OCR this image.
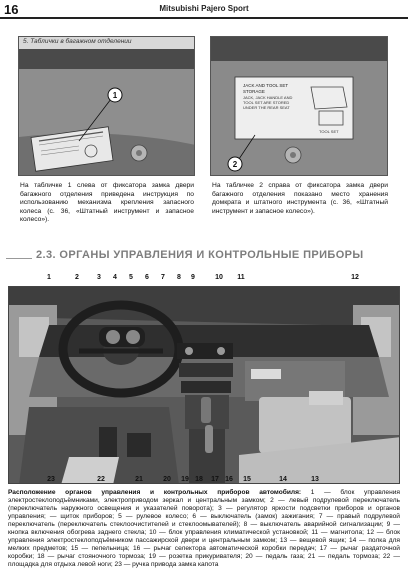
16	Mitsubishi Pajero Sport
1
5. Таблички в багажном отделении
JACK AND TOOL SET
STORAGE
JACK, JACK HANDLE AND
TOOL SET ARE STORED
UNDER THE REAR SEAT
TOOL SET
2
На табличке 1 слева от фиксатора замка двери багажного отделения приведена инструкция по использованию механизма крепления запасного колеса (с. 36, «Штатный инструмент и запасное колесо»).
На табличке 2 справа от фиксатора замка двери багажного отделения показано место хранения домкрата и штатного инструмента (с. 36, «Штатный инструмент и запасное колесо»).
2.3. ОРГАНЫ УПРАВЛЕНИЯ И КОНТРОЛЬНЫЕ ПРИБОРЫ
1	2	3	4	5	6	7	8	9	10	11	12
23	22	21	20	19 18	17 16	15	14	13
Расположение органов управления и контрольных приборов автомобиля: 1 — блок управления электростеклоподъёмниками, электроприводом зеркал и центральным замком; 2 — левый подрулевой переключатель (переключатель наружного освещения и указателей поворота); 3 — регулятор яркости подсветки приборов и органов управления; — щиток приборов; 5 — рулевое колесо; 6 — выключатель (замок) зажигания; 7 — правый подрулевой переключатель (переключатель стеклоочистителей и стеклоомывателей); 8 — выключатель аварийной сигнализации; 9 — кнопка включения обогрева заднего стекла; 10 — блок управления климатической установкой; 11 — магнитола; 12 — блок управления электростеклоподъёмником пассажирской двери и центральным замком; 13 — вещевой ящик; 14 — полка для мелких предметов; 15 — пепельница; 16 — рычаг селектора автоматической коробки передач; 17 — рычаг раздаточной коробки; 18 — рычаг стояночного тормоза; 19 — розетка прикуривателя; 20 — педаль газа; 21 — педаль тормоза; 22 — площадка для отдыха левой ноги; 23 — ручка привода замка капота
